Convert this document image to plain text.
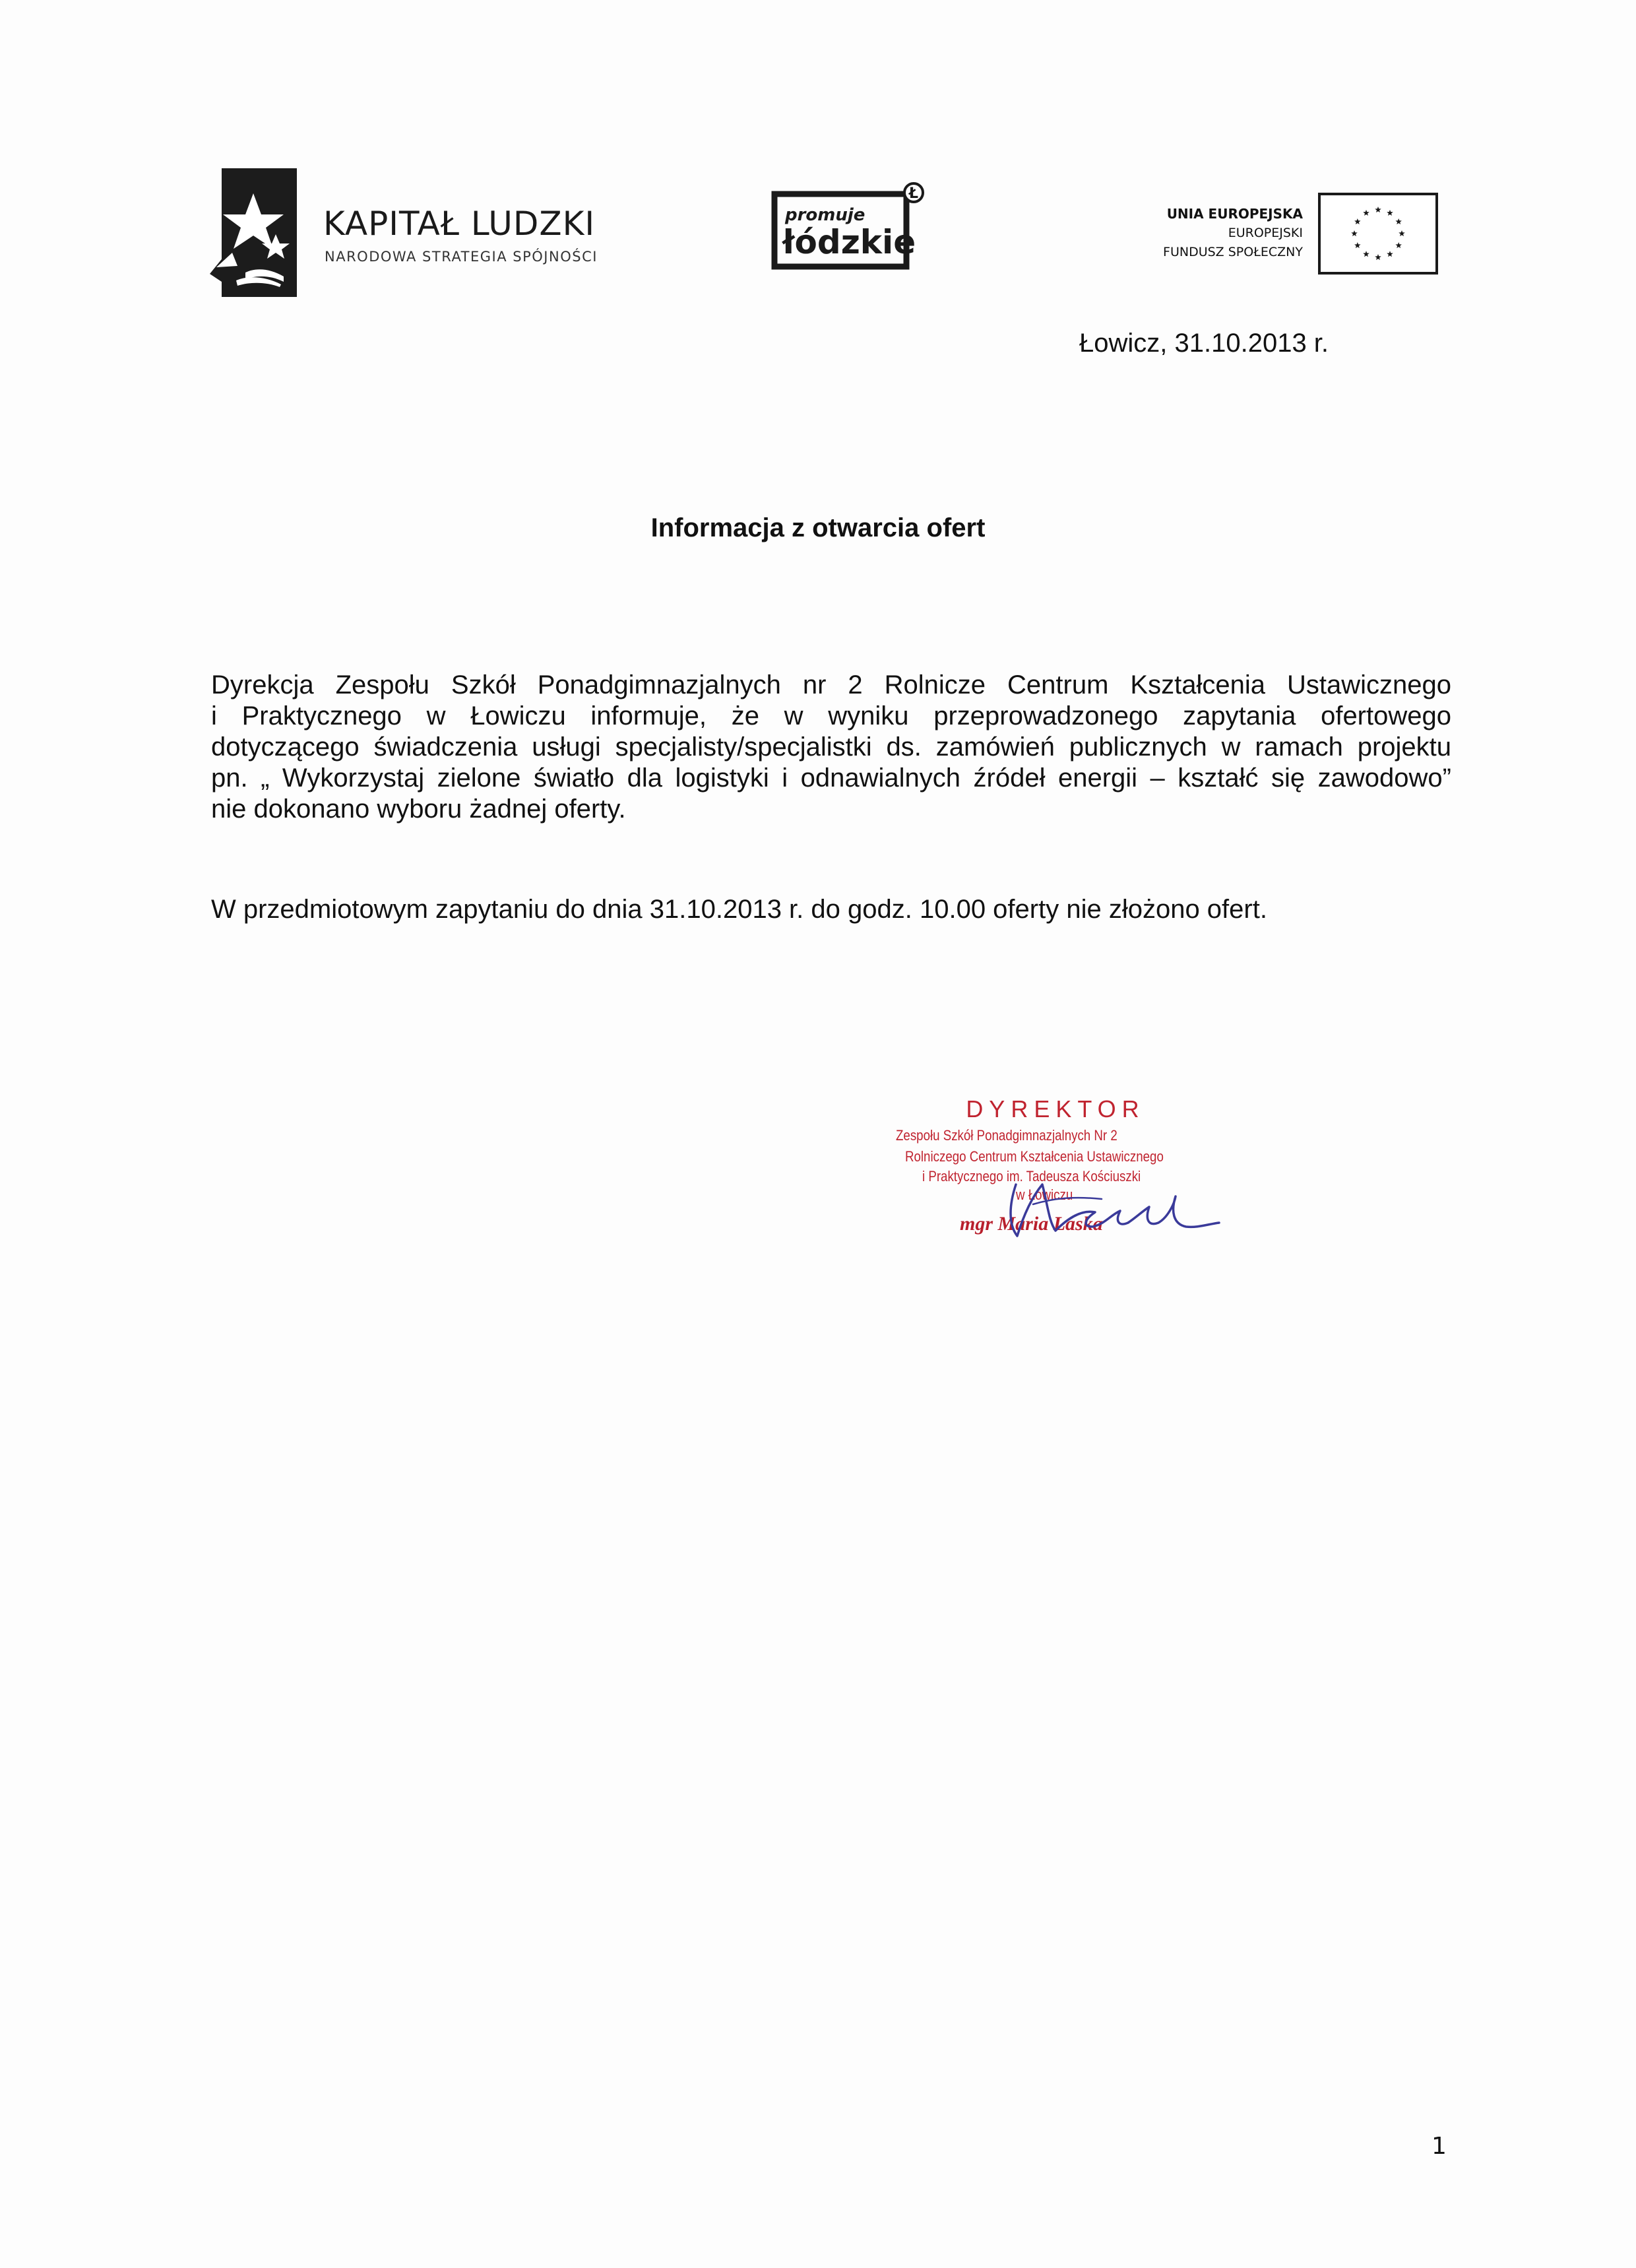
KAPITAŁ LUDZKI
NARODOWA STRATEGIA SPÓJNOŚCI
Ł
promuje
łódzkie
UNIA EUROPEJSKA
EUROPEJSKI
FUNDUSZ SPOŁECZNY
Łowicz, 31.10.2013 r.
Informacja z otwarcia ofert
Dyrekcja Zespołu Szkół Ponadgimnazjalnych nr 2 Rolnicze Centrum Kształcenia Ustawicznego
i Praktycznego w Łowiczu informuje, że w wyniku przeprowadzonego zapytania ofertowego
dotyczącego świadczenia usługi specjalisty/specjalistki ds. zamówień publicznych w ramach projektu
pn. „ Wykorzystaj zielone światło dla logistyki i odnawialnych źródeł energii – kształć się zawodowo”
nie dokonano wyboru żadnej oferty.
W przedmiotowym zapytaniu do dnia 31.10.2013 r. do godz. 10.00 oferty nie złożono ofert.
DYREKTOR
Zespołu Szkół Ponadgimnazjalnych Nr 2
Rolniczego Centrum Kształcenia Ustawicznego
i Praktycznego im. Tadeusza Kościuszki
w Łowiczu
mgr Maria Laska
1
